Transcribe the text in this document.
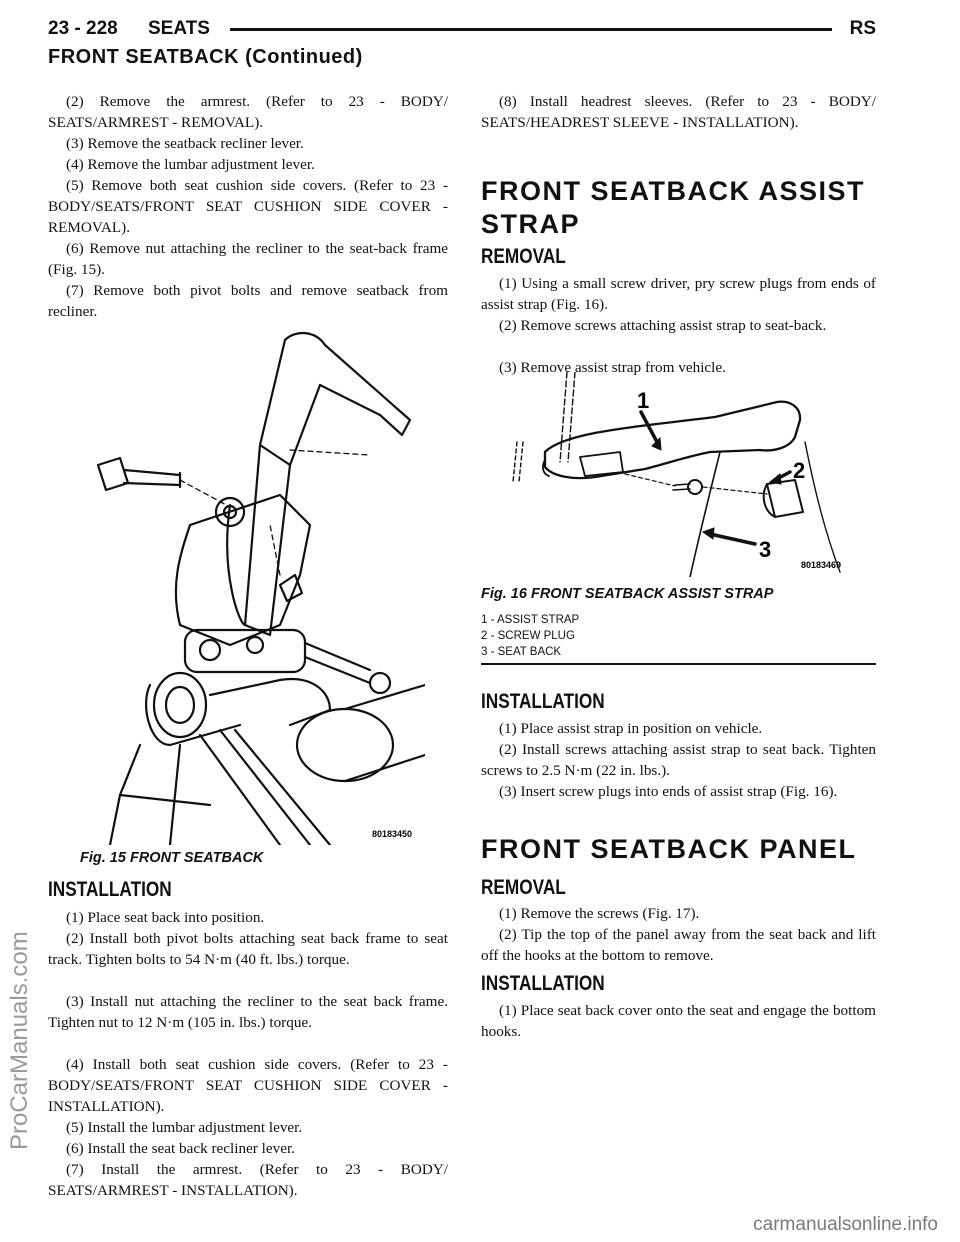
23 - 228 SEATS	RS
FRONT SEATBACK (Continued)

(2) Remove the armrest. (Refer to 23 - BODY/ SEATS/ARMREST - REMOVAL).

(3) Remove the seatback recliner lever.

(4) Remove the lumbar adjustment lever.

(5) Remove both seat cushion side covers. (Refer to 23 - BODY/SEATS/FRONT SEAT CUSHION SIDE COVER - REMOVAL).

(6) Remove nut attaching the recliner to the seat-back frame (Fig. 15).

(7) Remove both pivot bolts and remove seatback from recliner.

(1) Place seat back into position.

(2) Install both pivot bolts attaching seat back frame to seat track. Tighten bolts to 54 N·m (40 ft. lbs.) torque.

(3) Install nut attaching the recliner to the seat back frame. Tighten nut to 12 N·m (105 in. lbs.) torque.

(4) Install both seat cushion side covers. (Refer to 23 - BODY/SEATS/FRONT SEAT CUSHION SIDE COVER - INSTALLATION).

(5) Install the lumbar adjustment lever.

(6) Install the seat back recliner lever.

(7) Install the armrest. (Refer to 23 - BODY/ SEATS/ARMREST - INSTALLATION).

80183450
Fig. 15 FRONT SEATBACK
INSTALLATION

(8) Install headrest sleeves. (Refer to 23 - BODY/ SEATS/HEADREST SLEEVE - INSTALLATION).

FRONT SEATBACK ASSIST STRAP
REMOVAL

(1) Using a small screw driver, pry screw plugs from ends of assist strap (Fig. 16).

(2) Remove screws attaching assist strap to seat-back.

(3) Remove assist strap from vehicle.

INSTALLATION

(1) Place assist strap in position on vehicle.

(2) Install screws attaching assist strap to seat back. Tighten screws to 2.5 N·m (22 in. lbs.).

(3) Insert screw plugs into ends of assist strap (Fig. 16).

FRONT SEATBACK PANEL
REMOVAL

(1) Remove the screws (Fig. 17).

(2) Tip the top of the panel away from the seat back and lift off the hooks at the bottom to remove.

INSTALLATION

(1) Place seat back cover onto the seat and engage the bottom hooks.

1
2
3
80183469
Fig. 16 FRONT SEATBACK ASSIST STRAP
1 - ASSIST STRAP
2 - SCREW PLUG
3 - SEAT BACK
ProCarManuals.com
carmanualsonline.info
